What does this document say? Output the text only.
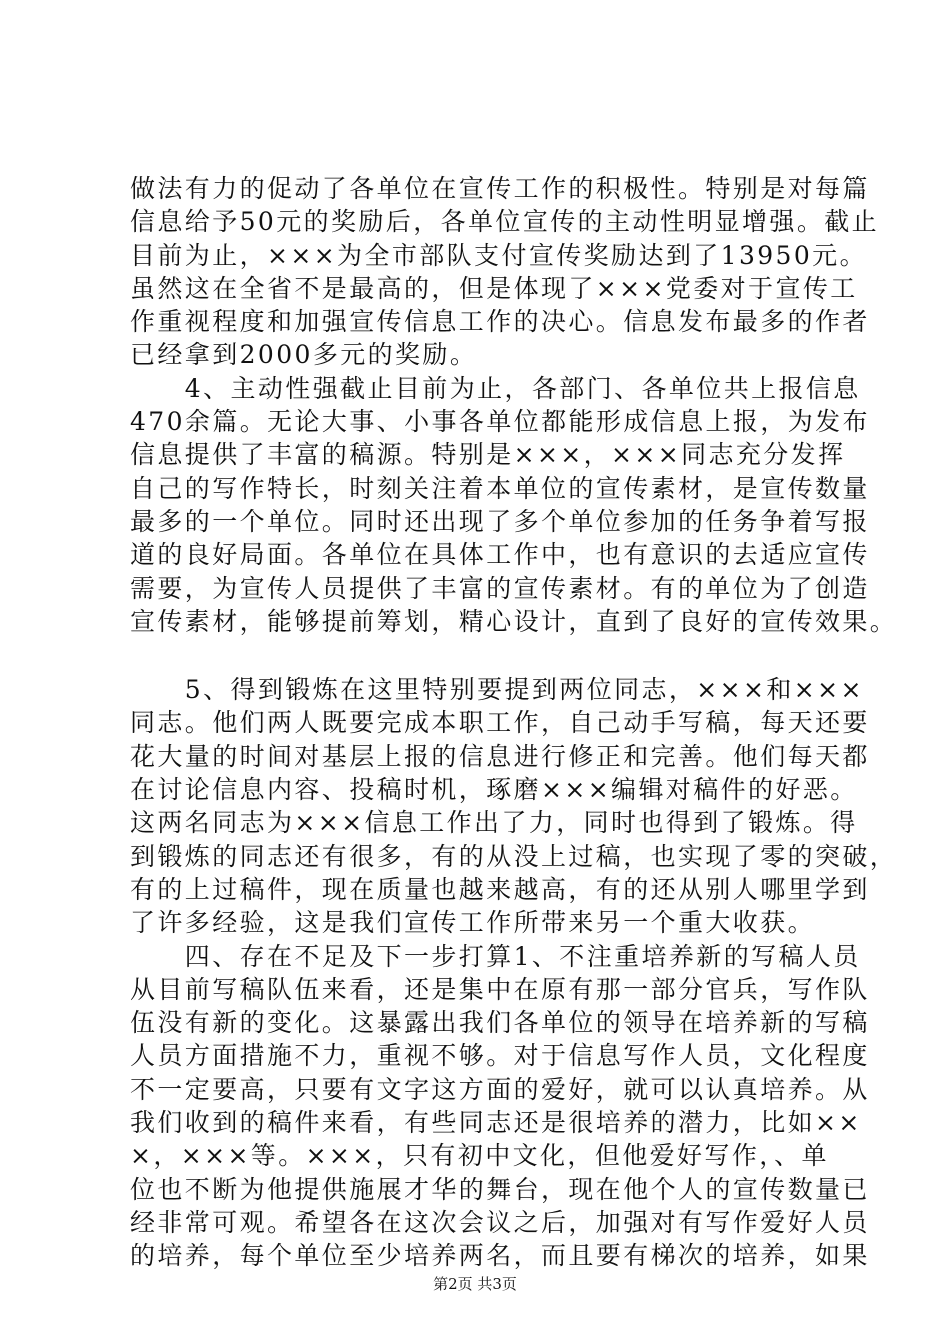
做法有力的促动了各单位在宣传工作的积极性。特别是对每篇
信息给予50元的奖励后，各单位宣传的主动性明显增强。截止
目前为止，×××为全市部队支付宣传奖励达到了13950元。
虽然这在全省不是最高的，但是体现了×××党委对于宣传工
作重视程度和加强宣传信息工作的决心。信息发布最多的作者
已经拿到2000多元的奖励。
　　4、主动性强截止目前为止，各部门、各单位共上报信息
470余篇。无论大事、小事各单位都能形成信息上报，为发布
信息提供了丰富的稿源。特别是×××，×××同志充分发挥
自己的写作特长，时刻关注着本单位的宣传素材，是宣传数量
最多的一个单位。同时还出现了多个单位参加的任务争着写报
道的良好局面。各单位在具体工作中，也有意识的去适应宣传
需要，为宣传人员提供了丰富的宣传素材。有的单位为了创造
宣传素材，能够提前筹划，精心设计，直到了良好的宣传效果。
　　5、得到锻炼在这里特别要提到两位同志，×××和×××
同志。他们两人既要完成本职工作，自己动手写稿，每天还要
花大量的时间对基层上报的信息进行修正和完善。他们每天都
在讨论信息内容、投稿时机，琢磨×××编辑对稿件的好恶。
这两名同志为×××信息工作出了力，同时也得到了锻炼。得
到锻炼的同志还有很多，有的从没上过稿，也实现了零的突破，
有的上过稿件，现在质量也越来越高，有的还从别人哪里学到
了许多经验，这是我们宣传工作所带来另一个重大收获。
　　四、存在不足及下一步打算1、不注重培养新的写稿人员
从目前写稿队伍来看，还是集中在原有那一部分官兵，写作队
伍没有新的变化。这暴露出我们各单位的领导在培养新的写稿
人员方面措施不力，重视不够。对于信息写作人员，文化程度
不一定要高，只要有文字这方面的爱好，就可以认真培养。从
我们收到的稿件来看，有些同志还是很培养的潜力，比如××
×，×××等。×××，只有初中文化，但他爱好写作，、单
位也不断为他提供施展才华的舞台，现在他个人的宣传数量已
经非常可观。希望各在这次会议之后，加强对有写作爱好人员
的培养，每个单位至少培养两名，而且要有梯次的培养，如果
第2页 共3页
